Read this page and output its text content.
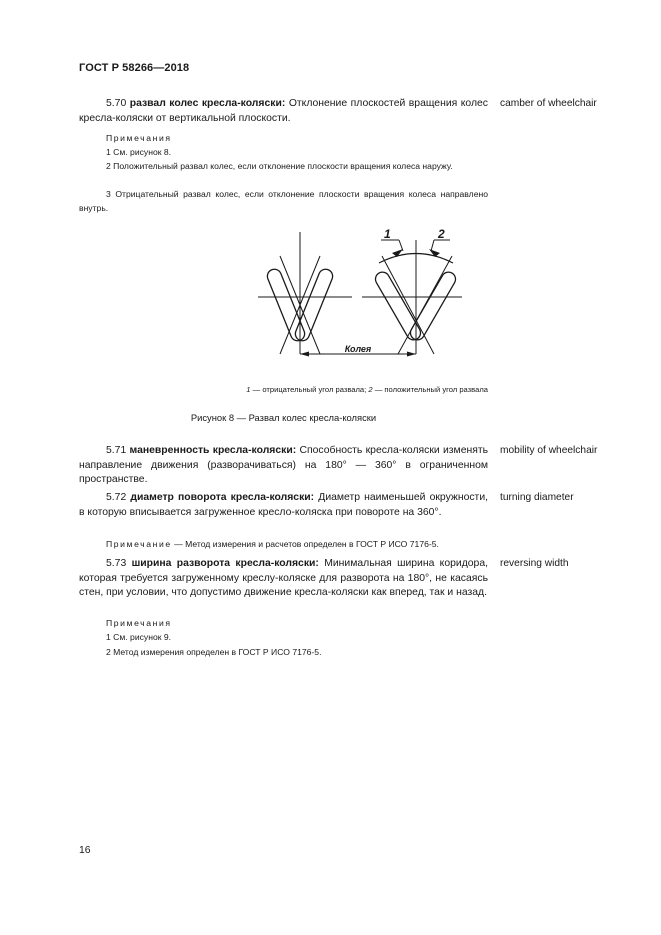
ГОСТ Р 58266—2018
5.70 развал колес кресла-коляски: Отклонение плоскостей вращения колес кресла-коляски от вертикальной плоскости.
camber of wheelchair
Примечания
1 См. рисунок 8.
2 Положительный развал колес, если отклонение плоскости вращения колеса наружу.
3 Отрицательный развал колес, если отклонение плоскости вращения колеса направлено внутрь.
1	2
Колея
1 — отрицательный угол развала; 2 — положительный угол развала
Рисунок 8 — Развал колес кресла-коляски
5.71 маневренность кресла-коляски: Способность кресла-коляски изменять направление движения (разворачиваться) на 180° — 360° в ограниченном пространстве.
mobility of wheelchair
5.72 диаметр поворота кресла-коляски: Диаметр наименьшей окружности, в которую вписывается загруженное кресло-коляска при повороте на 360°.
turning diameter
Примечание — Метод измерения и расчетов определен в ГОСТ Р ИСО 7176-5.
5.73 ширина разворота кресла-коляски: Минимальная ширина коридора, которая требуется загруженному креслу-коляске для разворота на 180°, не касаясь стен, при условии, что допустимо движение кресла-коляски как вперед, так и назад.
reversing width
Примечания
1 См. рисунок 9.
2 Метод измерения определен в ГОСТ Р ИСО 7176-5.
16
